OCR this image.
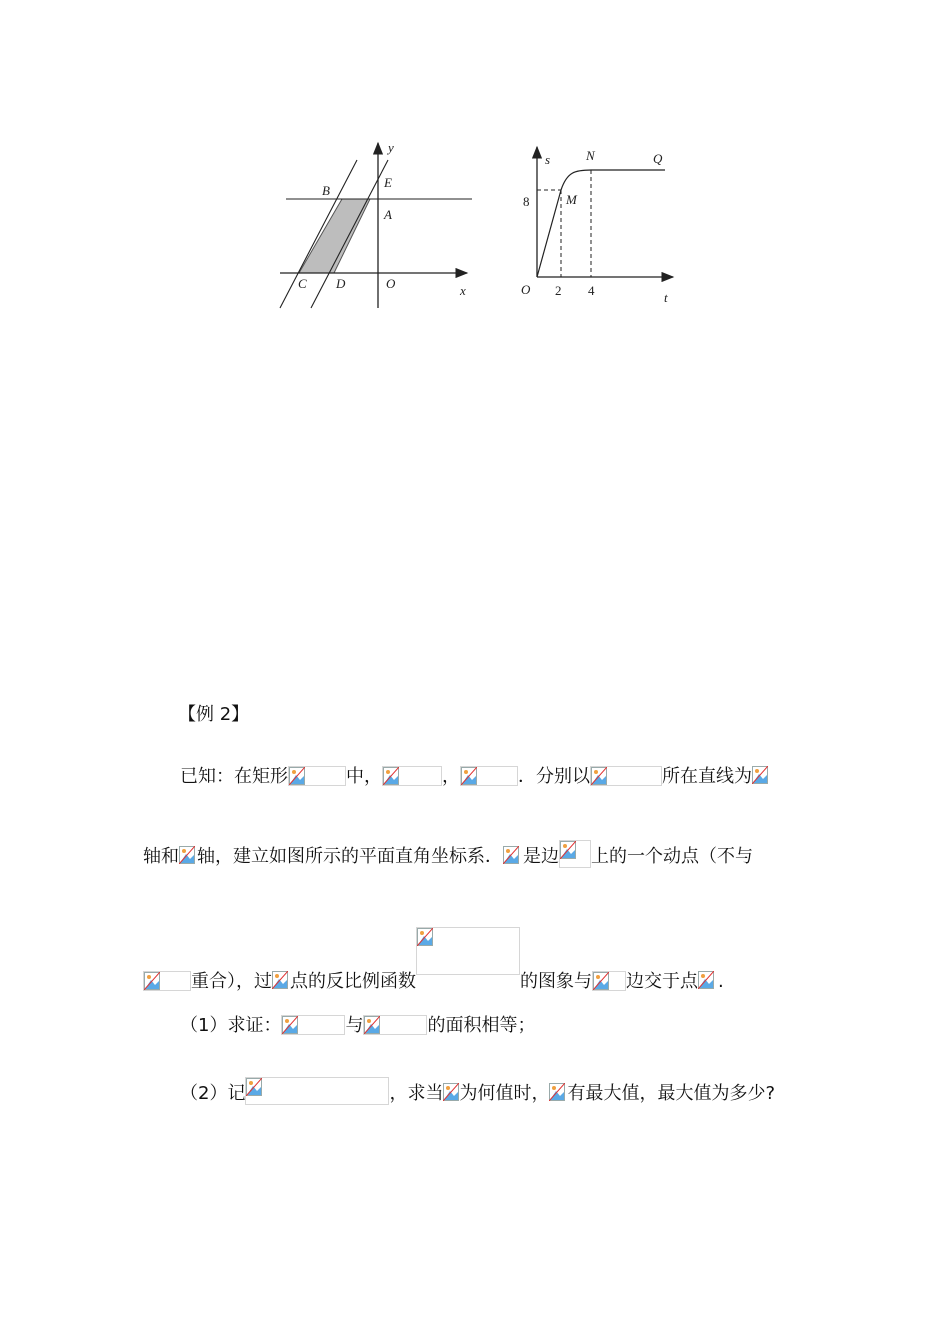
y
x
B
E
A
C D	O
s	N	Q
M
8
O 2 4	t
【例 2】
已知：在矩形	中，	，	．分别以	所在直线为
轴和 轴，建立如图所示的平面直角坐标系． 是边 上的一个动点（不与
重合），过 点的反比例函数	的图象与 边交于点 .
（1）求证：	与	的面积相等；
（2）记	，求当 为何值时， 有最大值，最大值为多少?
